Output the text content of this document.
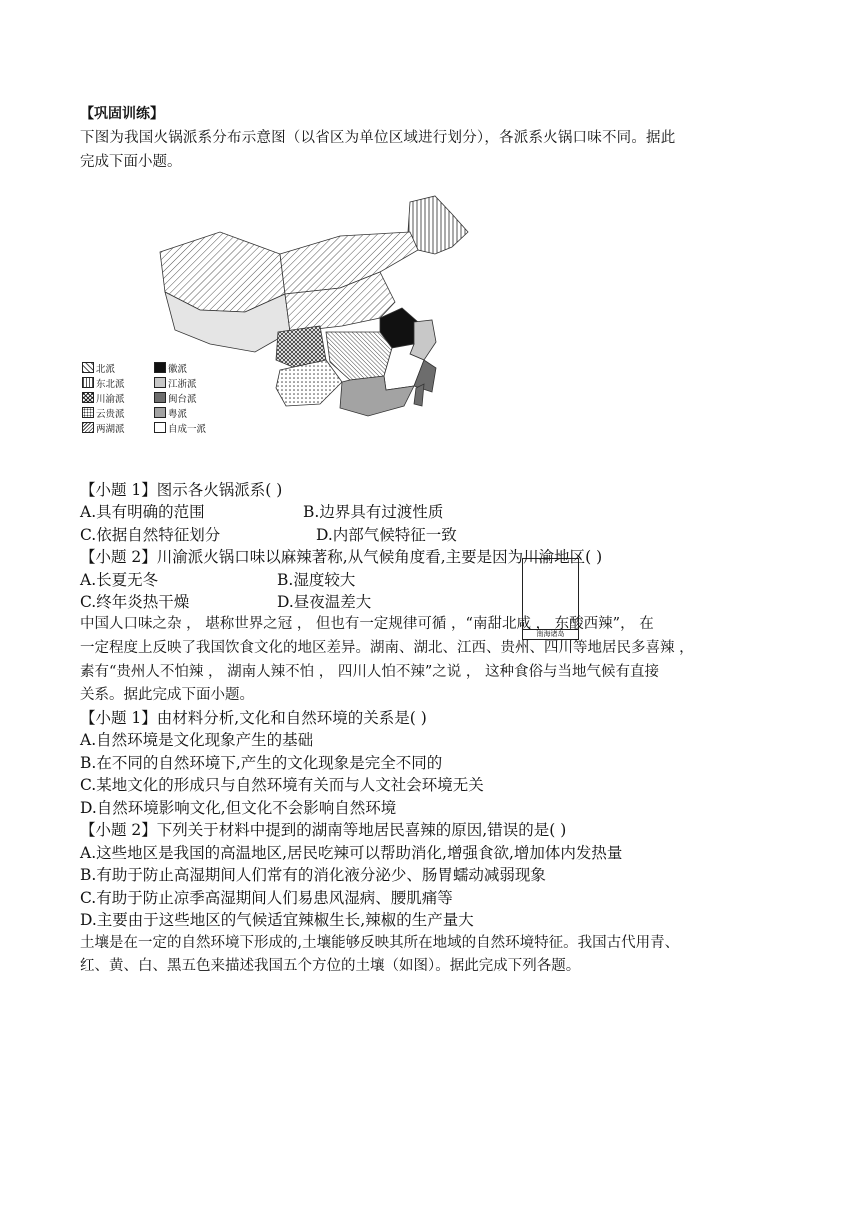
【巩固训练】
下图为我国火锅派系分布示意图（以省区为单位区域进行划分），各派系火锅口味不同。据此
完成下面小题。
南海诸岛
北派	徽派
东北派	江浙派
川渝派	闽台派
云贵派	粤派
两湖派	自成一派
【小题 1】图示各火锅派系( )
A.具有明确的范围	B.边界具有过渡性质
C.依据自然特征划分	D.内部气候特征一致
【小题 2】川渝派火锅口味以麻辣著称,从气候角度看,主要是因为川渝地区( )
A.长夏无冬	B.湿度较大
C.终年炎热干燥	D.昼夜温差大
中国人口味之杂 ， 堪称世界之冠 ， 但也有一定规律可循 ，“南甜北咸 ， 东酸西辣”， 在
一定程度上反映了我国饮食文化的地区差异。湖南、湖北、江西、贵州、四川等地居民多喜辣 ，
素有“贵州人不怕辣 ， 湖南人辣不怕 ， 四川人怕不辣”之说 ， 这种食俗与当地气候有直接
关系。据此完成下面小题。
【小题 1】由材料分析,文化和自然环境的关系是( )
A.自然环境是文化现象产生的基础
B.在不同的自然环境下,产生的文化现象是完全不同的
C.某地文化的形成只与自然环境有关而与人文社会环境无关
D.自然环境影响文化,但文化不会影响自然环境
【小题 2】下列关于材料中提到的湖南等地居民喜辣的原因,错误的是( )
A.这些地区是我国的高温地区,居民吃辣可以帮助消化,增强食欲,增加体内发热量
B.有助于防止高湿期间人们常有的消化液分泌少、肠胃蠕动减弱现象
C.有助于防止凉季高湿期间人们易患风湿病、腰肌痛等
D.主要由于这些地区的气候适宜辣椒生长,辣椒的生产量大
土壤是在一定的自然环境下形成的,土壤能够反映其所在地域的自然环境特征。我国古代用青、
红、黄、白、黑五色来描述我国五个方位的土壤（如图）。据此完成下列各题。
